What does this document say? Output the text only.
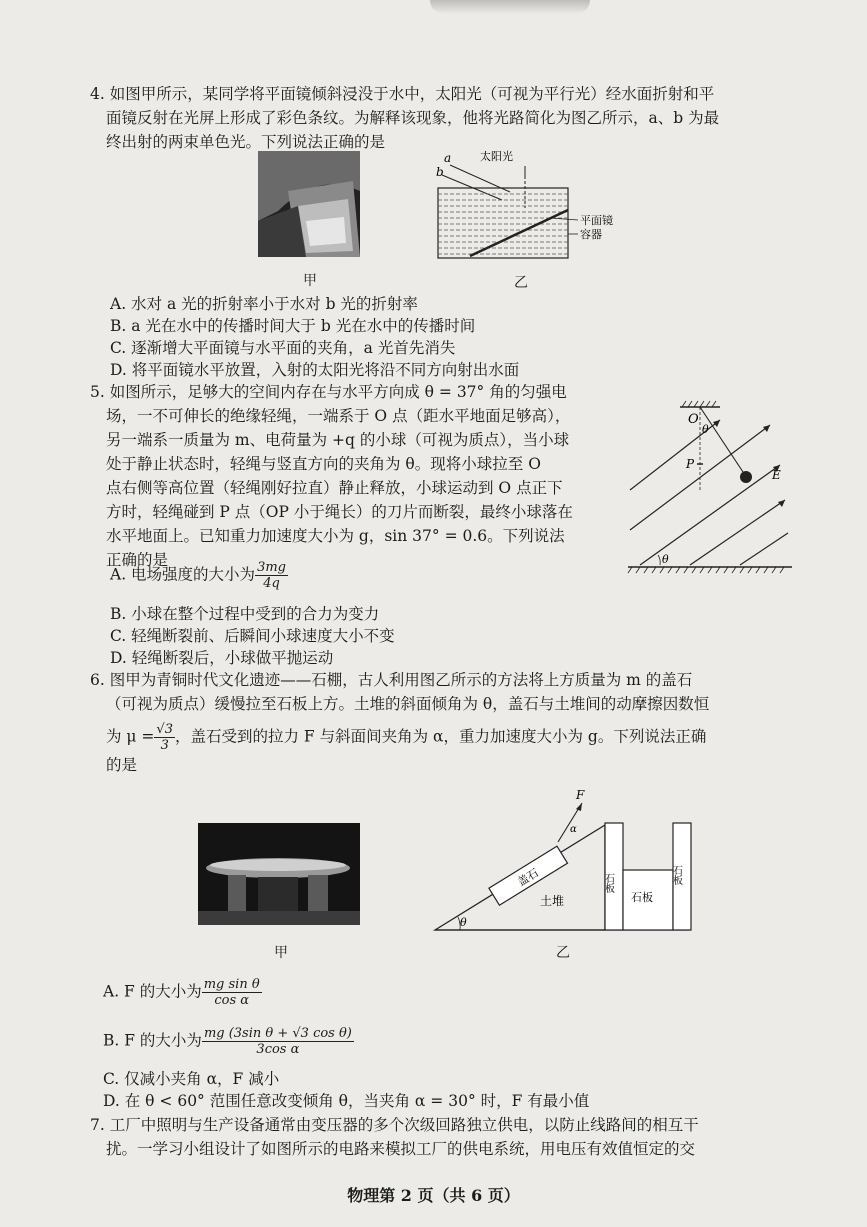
4. 如图甲所示，某同学将平面镜倾斜浸没于水中，太阳光（可视为平行光）经水面折射和平

面镜反射在光屏上形成了彩色条纹。为解释该现象，他将光路简化为图乙所示，a、b 为最

终出射的两束单色光。下列说法正确的是

甲
a
b
太阳光
平面镜
容器
乙
A. 水对 a 光的折射率小于水对 b 光的折射率
B. a 光在水中的传播时间大于 b 光在水中的传播时间
C. 逐渐增大平面镜与水平面的夹角，a 光首先消失
D. 将平面镜水平放置，入射的太阳光将沿不同方向射出水面

5. 如图所示，足够大的空间内存在与水平方向成 θ = 37° 角的匀强电

场，一不可伸长的绝缘轻绳，一端系于 O 点（距水平地面足够高），

另一端系一质量为 m、电荷量为 +q 的小球（可视为质点），当小球

处于静止状态时，轻绳与竖直方向的夹角为 θ。现将小球拉至 O

点右侧等高位置（轻绳刚好拉直）静止释放，小球运动到 O 点正下

方时，轻绳碰到 P 点（OP 小于绳长）的刀片而断裂，最终小球落在

水平地面上。已知重力加速度大小为 g，sin 37° = 0.6。下列说法

正确的是

A. 电场强度的大小为 $\frac{3mg}{4q}$
B. 小球在整个过程中受到的合力为变力
C. 轻绳断裂前、后瞬间小球速度大小不变
D. 轻绳断裂后，小球做平抛运动
O
θ
P
E
θ

6. 图甲为青铜时代文化遗迹——石棚，古人利用图乙所示的方法将上方质量为 m 的盖石

（可视为质点）缓慢拉至石板上方。土堆的斜面倾角为 θ，盖石与土堆间的动摩擦因数恒

为 $\mu = \frac{√3}{3}$ ，盖石受到的拉力 F 与斜面间夹角为 α，重力加速度大小为 g。下列说法正确

的是

甲
θ
盖石
F
α
土堆
石板
石板
石板
乙
A. F 的大小为 $\frac{\text{mg sin θ}}{\text{cos α}}$
B. F 的大小为 $\frac{\text{mg (3sin θ + √3 cos θ)}}{\text{3cos α}}$
C. 仅减小夹角 α，F 减小
D. 在 θ < 60° 范围任意改变倾角 θ，当夹角 α = 30° 时，F 有最小值

7. 工厂中照明与生产设备通常由变压器的多个次级回路独立供电，以防止线路间的相互干

扰。一学习小组设计了如图所示的电路来模拟工厂的供电系统，用电压有效值恒定的交

物理第 2 页（共 6 页）
